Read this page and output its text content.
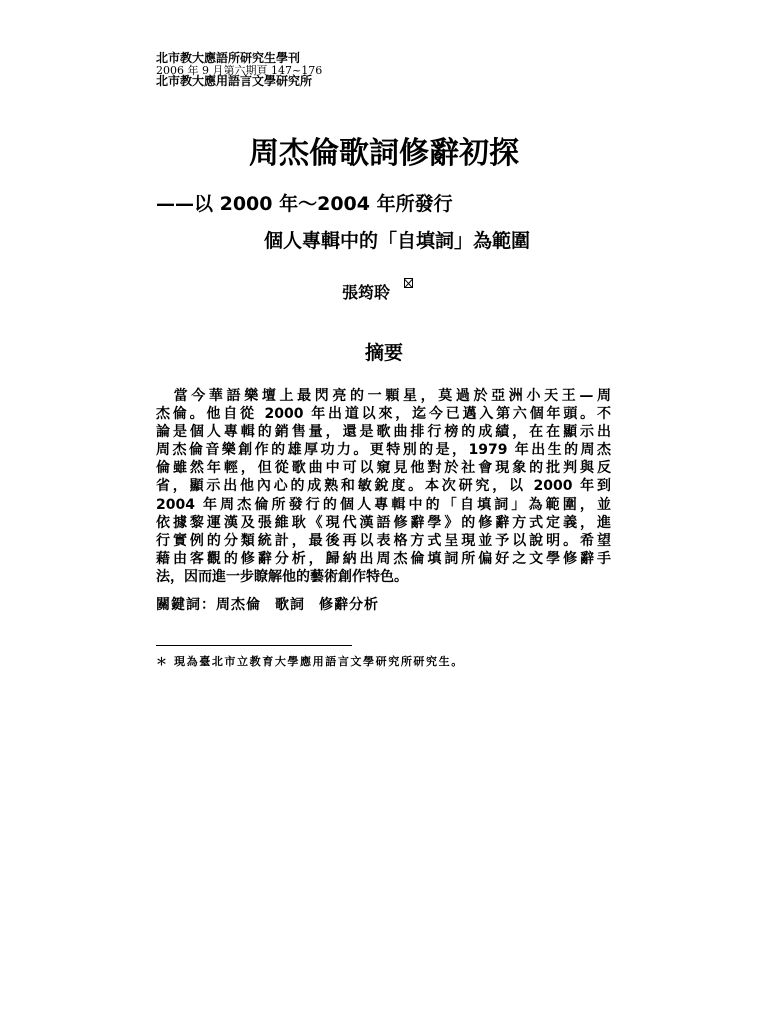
北市教大應語所研究生學刊
2006 年 9 月第六期頁 147~176
北市教大應用語言文學研究所
周杰倫歌詞修辭初探
——以 2000 年～2004 年所發行
個人專輯中的「自填詞」為範圍
張筠聆
摘要
　當今華語樂壇上最閃亮的一顆星，莫過於亞洲小天王—周
杰倫。他自從 2000 年出道以來，迄今已邁入第六個年頭。不
論是個人專輯的銷售量，還是歌曲排行榜的成績，在在顯示出
周杰倫音樂創作的雄厚功力。更特別的是，1979 年出生的周杰
倫雖然年輕，但從歌曲中可以窺見他對於社會現象的批判與反
省，顯示出他內心的成熟和敏銳度。本次研究，以 2000 年到
2004 年周杰倫所發行的個人專輯中的「自填詞」為範圍，並
依據黎運漢及張維耿《現代漢語修辭學》的修辭方式定義，進
行實例的分類統計，最後再以表格方式呈現並予以說明。希望
藉由客觀的修辭分析，歸納出周杰倫填詞所偏好之文學修辭手
法，因而進一步瞭解他的藝術創作特色。
關鍵詞：周杰倫 歌詞 修辭分析
＊ 現為臺北市立教育大學應用語言文學研究所研究生。
